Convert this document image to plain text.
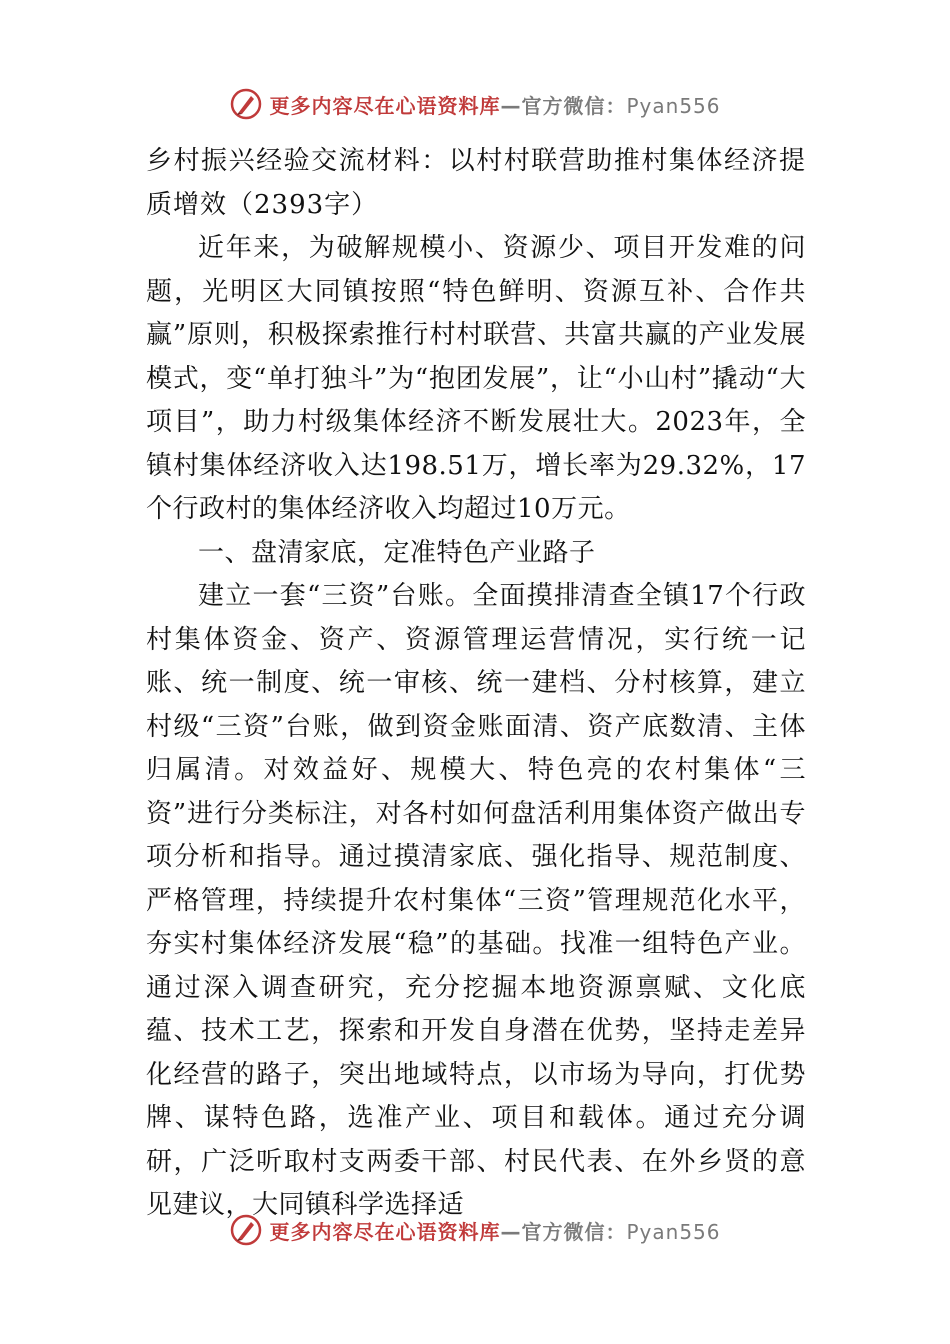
更多内容尽在心语资料库—官方微信：Pyan556

乡村振兴经验交流材料：以村村联营助推村集体经济提质增效（2393字）

近年来，为破解规模小、资源少、项目开发难的问题，光明区大同镇按照“特色鲜明、资源互补、合作共赢”原则，积极探索推行村村联营、共富共赢的产业发展模式，变“单打独斗”为“抱团发展”，让“小山村”撬动“大项目”，助力村级集体经济不断发展壮大。2023年，全镇村集体经济收入达198.51万，增长率为29.32%，17个行政村的集体经济收入均超过10万元。

一、盘清家底，定准特色产业路子

建立一套“三资”台账。全面摸排清查全镇17个行政村集体资金、资产、资源管理运营情况，实行统一记账、统一制度、统一审核、统一建档、分村核算，建立村级“三资”台账，做到资金账面清、资产底数清、主体归属清。对效益好、规模大、特色亮的农村集体“三资”进行分类标注，对各村如何盘活利用集体资产做出专项分析和指导。通过摸清家底、强化指导、规范制度、严格管理，持续提升农村集体“三资”管理规范化水平，夯实村集体经济发展“稳”的基础。找准一组特色产业。通过深入调查研究，充分挖掘本地资源禀赋、文化底蕴、技术工艺，探索和开发自身潜在优势，坚持走差异化经营的路子，突出地域特点，以市场为导向，打优势牌、谋特色路，选准产业、项目和载体。通过充分调研，广泛听取村支两委干部、村民代表、在外乡贤的意见建议，大同镇科学选择适

更多内容尽在心语资料库—官方微信：Pyan556
